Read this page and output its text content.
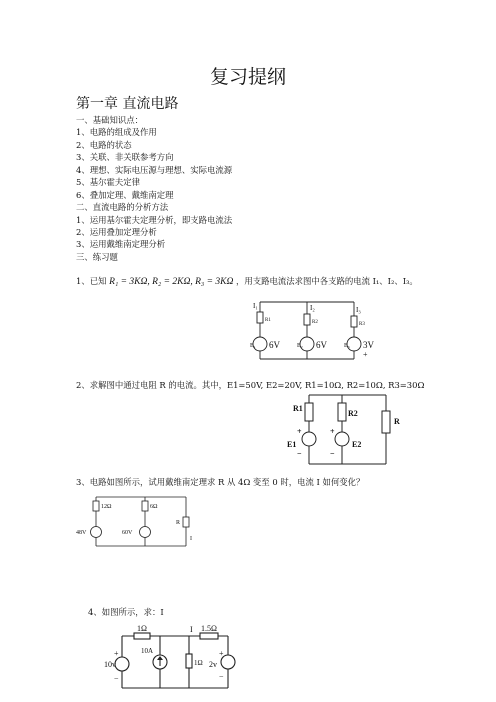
复习提纲
第一章 直流电路
一、基础知识点：
1、电路的组成及作用
2、电路的状态
3、关联、非关联参考方向
4、理想、实际电压源与理想、实际电流源
5、基尔霍夫定律
6、叠加定理、戴维南定理
二、直流电路的分析方法
1、运用基尔霍夫定理分析，即支路电流法
2、运用叠加定理分析
3、运用戴维南定理分析
三、练习题
1、已知 R₁ = 3KΩ, R₂ = 2KΩ, R₃ = 3KΩ ，用支路电流法求图中各支路的电流 I₁、I₂、I₃。
I₁	I₂	I₃
R1	R2	R3
E₁	E₂	E₃
6V	6V	3V
+
2、求解图中通过电阻 R 的电流。其中，E1=50V, E2=20V, R1=10Ω, R2=10Ω, R3=30Ω
R1
R2
R
E1	E2
+	+
−	−
3、电路如图所示，试用戴维南定理求 R 从 4Ω 变至 0 时，电流 I 如何变化？
12Ω	6Ω
R
48V	60V
I
4、如图所示，求：I
1Ω	I 1.5Ω
1Ω
10A
10v	2v
+
−
+
−
